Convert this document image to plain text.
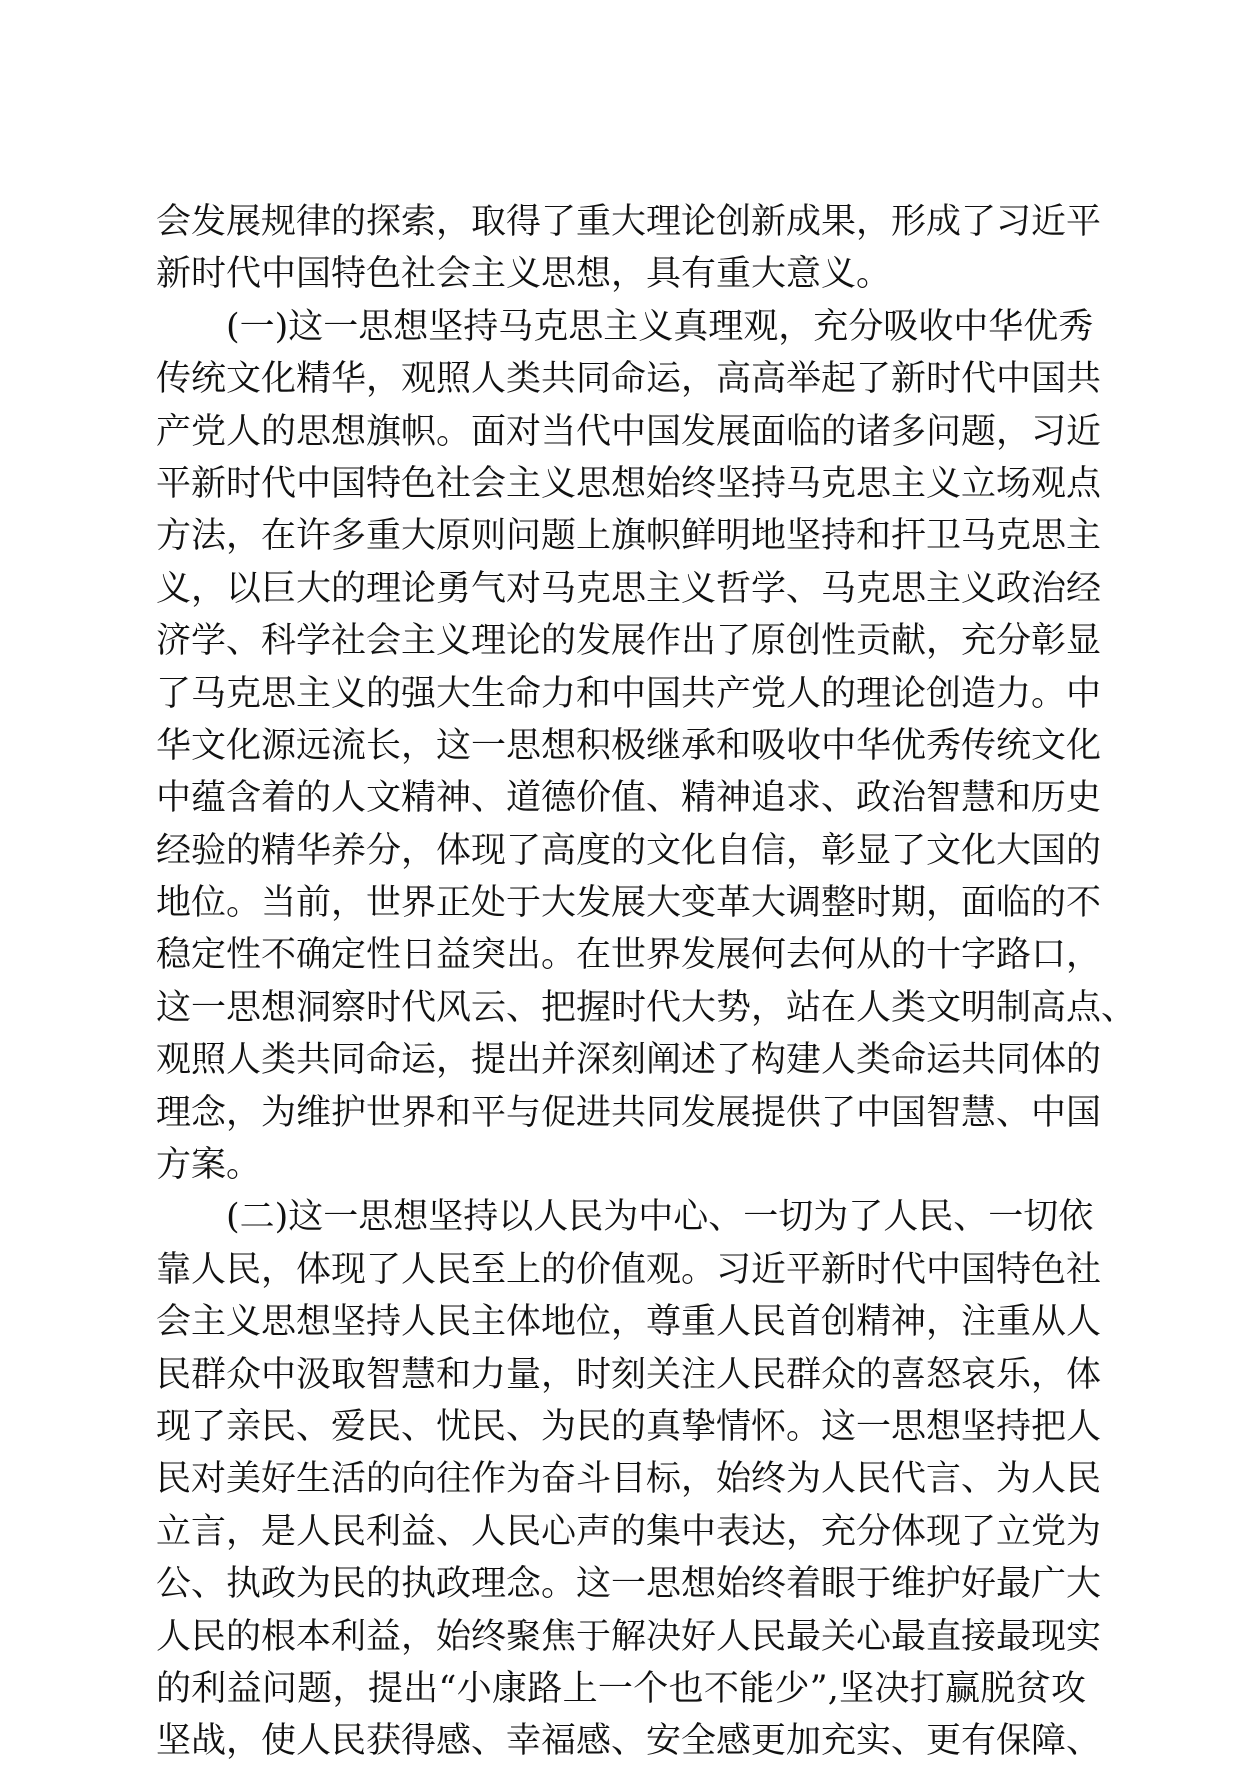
会发展规律的探索，取得了重大理论创新成果，形成了习近平
新时代中国特色社会主义思想，具有重大意义。
(一)这一思想坚持马克思主义真理观，充分吸收中华优秀
传统文化精华，观照人类共同命运，高高举起了新时代中国共
产党人的思想旗帜。面对当代中国发展面临的诸多问题，习近
平新时代中国特色社会主义思想始终坚持马克思主义立场观点
方法，在许多重大原则问题上旗帜鲜明地坚持和扞卫马克思主
义，以巨大的理论勇气对马克思主义哲学、马克思主义政治经
济学、科学社会主义理论的发展作出了原创性贡献，充分彰显
了马克思主义的强大生命力和中国共产党人的理论创造力。中
华文化源远流长，这一思想积极继承和吸收中华优秀传统文化
中蕴含着的人文精神、道德价值、精神追求、政治智慧和历史
经验的精华养分，体现了高度的文化自信，彰显了文化大国的
地位。当前，世界正处于大发展大变革大调整时期，面临的不
稳定性不确定性日益突出。在世界发展何去何从的十字路口，
这一思想洞察时代风云、把握时代大势，站在人类文明制高点、
观照人类共同命运，提出并深刻阐述了构建人类命运共同体的
理念，为维护世界和平与促进共同发展提供了中国智慧、中国
方案。
(二)这一思想坚持以人民为中心、一切为了人民、一切依
靠人民，体现了人民至上的价值观。习近平新时代中国特色社
会主义思想坚持人民主体地位，尊重人民首创精神，注重从人
民群众中汲取智慧和力量，时刻关注人民群众的喜怒哀乐，体
现了亲民、爱民、忧民、为民的真挚情怀。这一思想坚持把人
民对美好生活的向往作为奋斗目标，始终为人民代言、为人民
立言，是人民利益、人民心声的集中表达，充分体现了立党为
公、执政为民的执政理念。这一思想始终着眼于维护好最广大
人民的根本利益，始终聚焦于解决好人民最关心最直接最现实
的利益问题，提出“小康路上一个也不能少”,坚决打赢脱贫攻
坚战，使人民获得感、幸福感、安全感更加充实、更有保障、
